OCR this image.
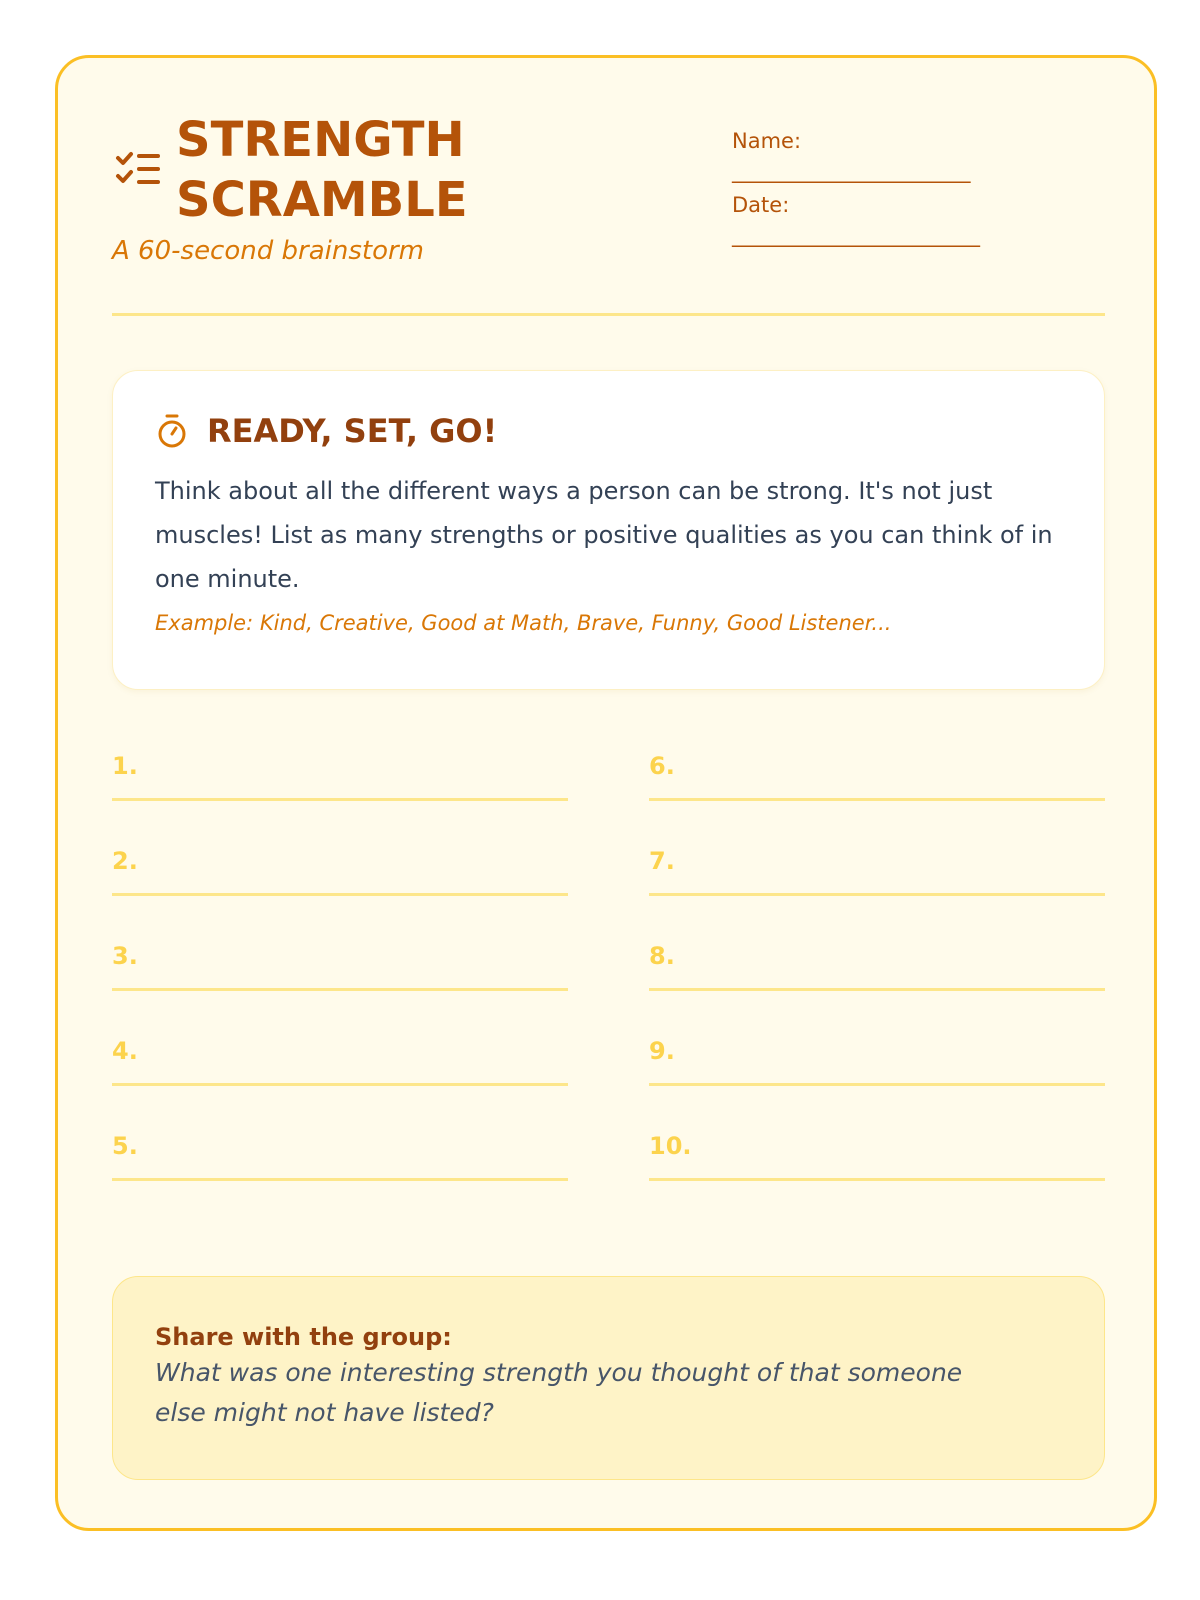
STRENGTH
SCRAMBLE
A 60-second brainstorm
Name:
_________________________
Date:
__________________________
READY, SET, GO!
Think about all the different ways a person can be strong. It's not just muscles! List as many strengths or positive qualities as you can think of in one minute.
Example: Kind, Creative, Good at Math, Brave, Funny, Good Listener...
1.
2.
3.
4.
5.
6.
7.
8.
9.
10.
Share with the group:
What was one interesting strength you thought of that someone else might not have listed?
